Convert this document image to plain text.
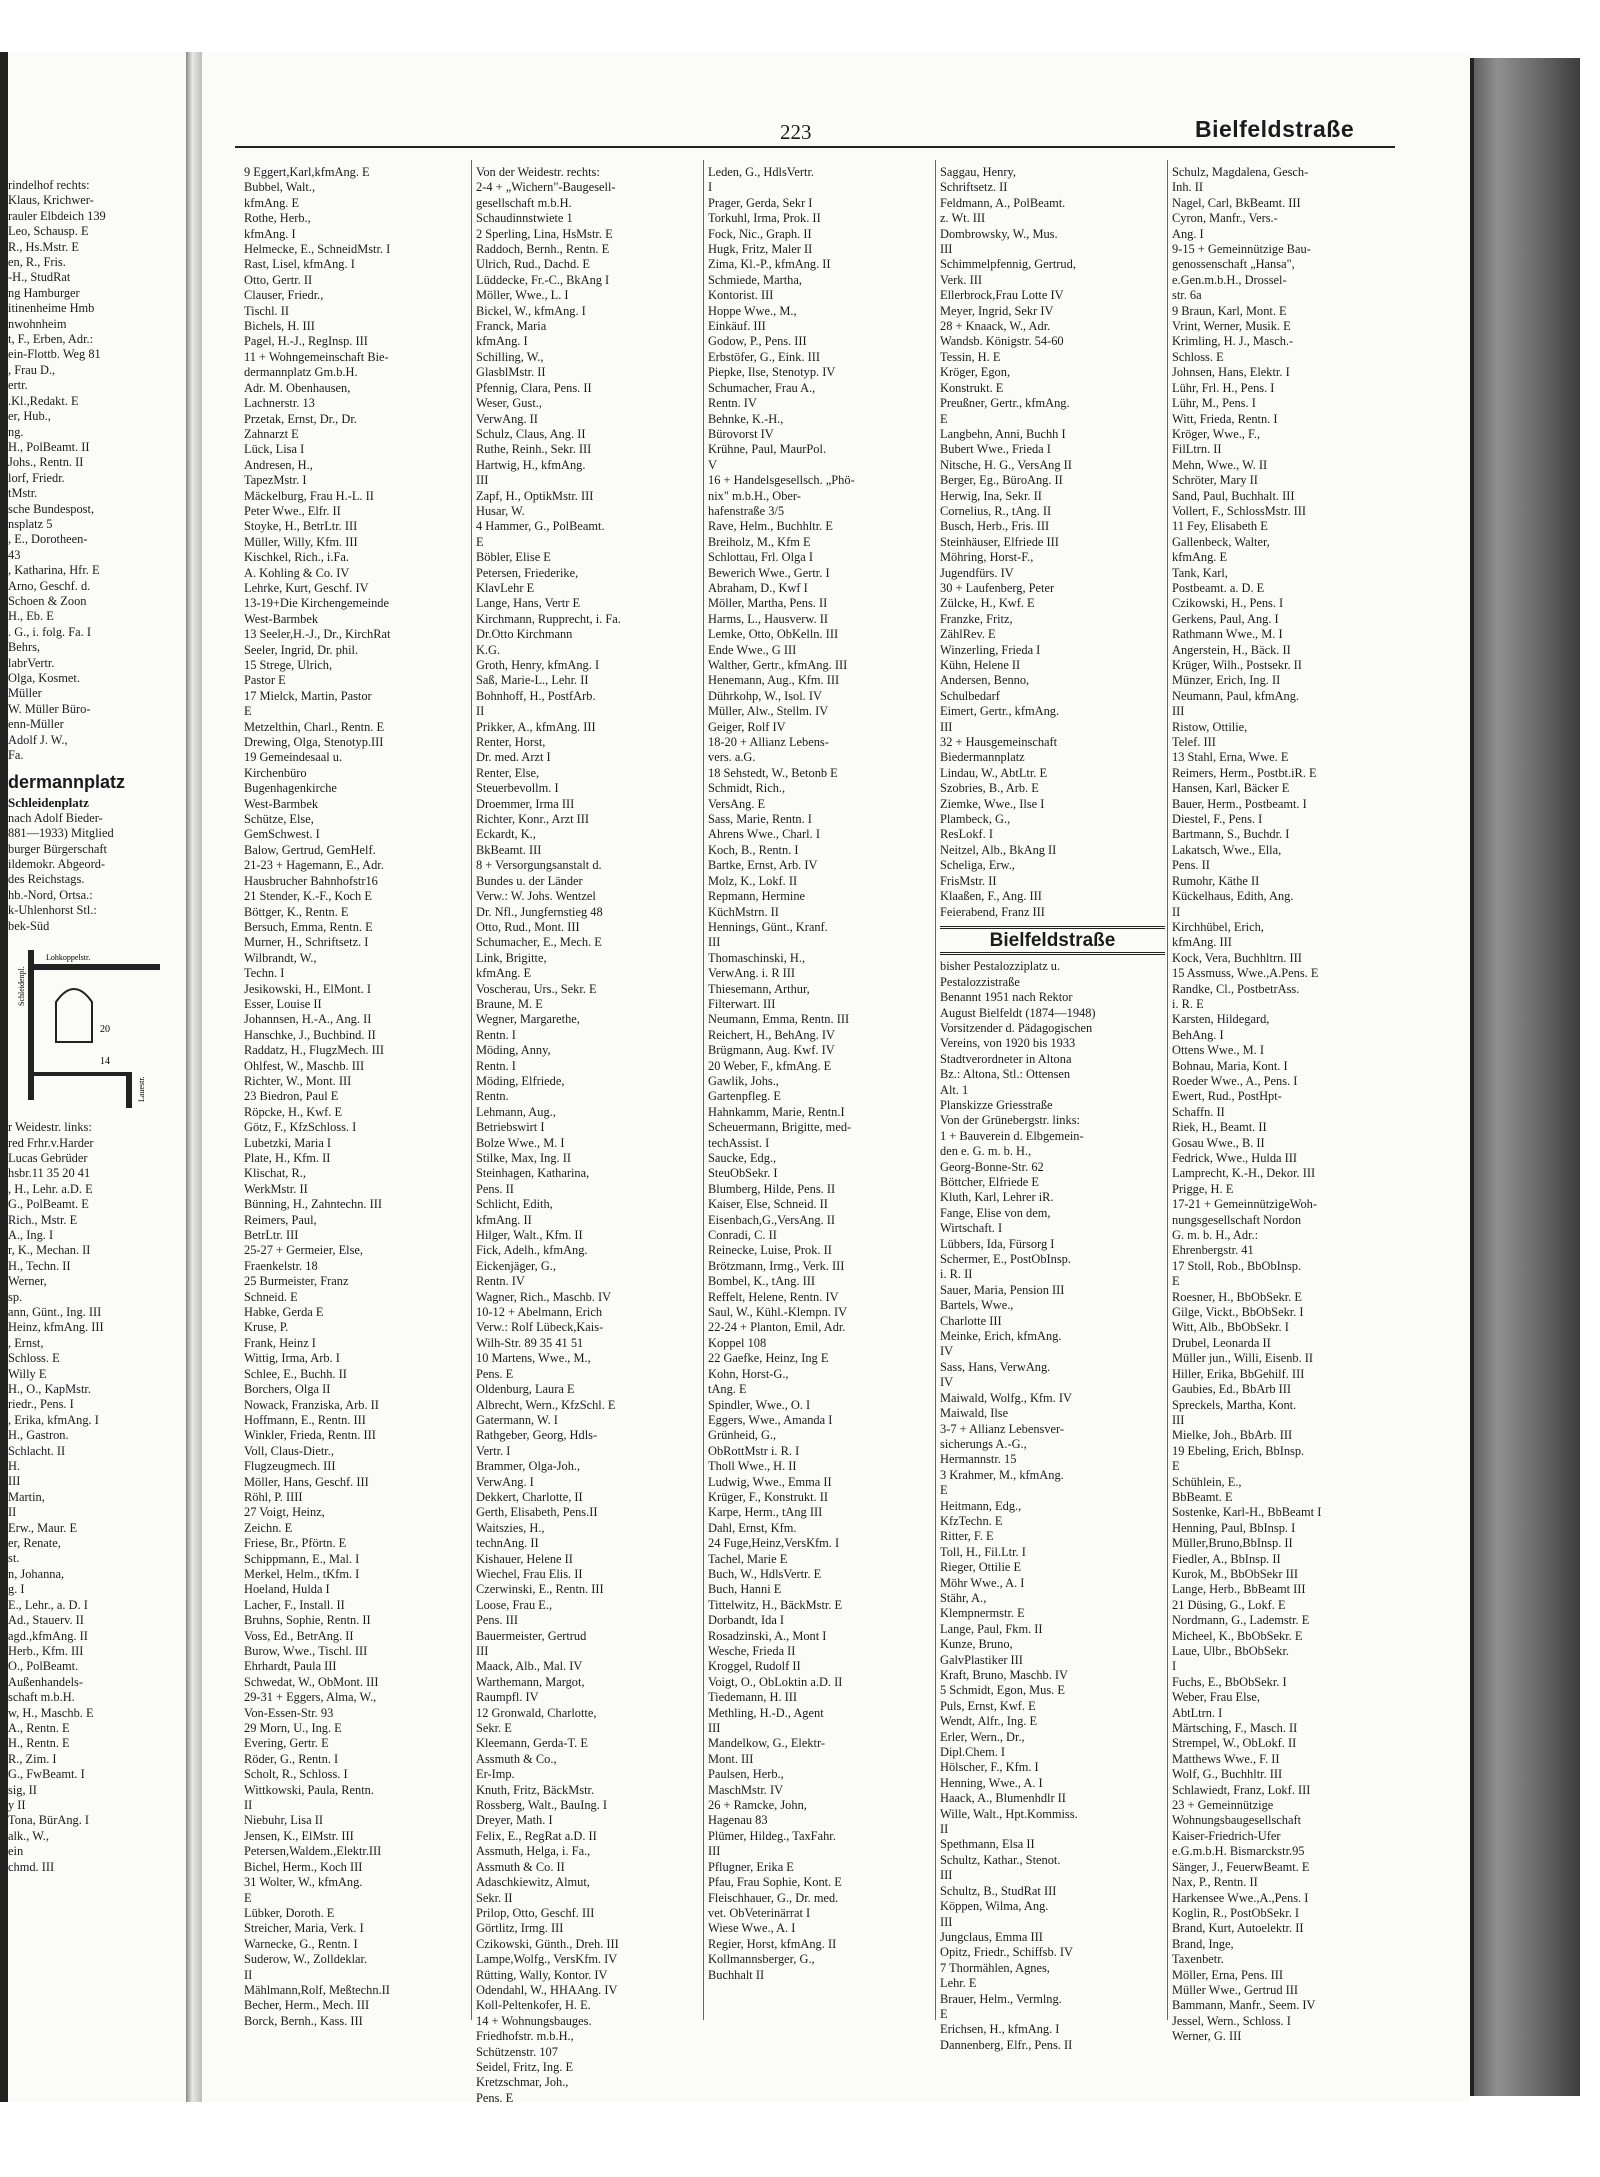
223	Bielfeldstraße
rindelhof rechts:
Klaus, Krichwer-
rauler Elbdeich 139
Leo, Schausp. E
R., Hs.Mstr. E
en, R., Fris.
-H., StudRat
ng Hamburger
itinenheime Hmb
nwohnheim
t, F., Erben, Adr.:
ein-Flottb. Weg 81
, Frau D.,
ertr.
.Kl.,Redakt. E
er, Hub.,
ng.
H., PolBeamt. II
Johs., Rentn. II
lorf, Friedr.
tMstr.
sche Bundespost,
nsplatz 5
, E., Dorotheen-
43
, Katharina, Hfr. E
Arno, Geschf. d.
Schoen & Zoon
H., Eb. E
. G., i. folg. Fa. I
Behrs,
labrVertr.
Olga, Kosmet.
Müller
W. Müller Büro-
enn-Müller
Adolf J. W.,
Fa.
dermannplatz
Schleidenplatz
nach Adolf Bieder-
881—1933) Mitglied
burger Bürgerschaft
ildemokr. Abgeord-
des Reichstags.
hb.-Nord, Ortsa.:
k-Uhlenhorst Stl.:
bek-Süd
Schleidenpl.
Lohkoppelstr.
Lauestr.
20
14
r Weidestr. links:
red Frhr.v.Harder
Lucas Gebrüder
hsbr.11 35 20 41
, H., Lehr. a.D. E
G., PolBeamt. E
Rich., Mstr. E
A., Ing. I
r, K., Mechan. II
H., Techn. II
Werner,
sp.
ann, Günt., Ing. III
Heinz, kfmAng. III
, Ernst,
Schloss. E
Willy E
H., O., KapMstr.
riedr., Pens. I
, Erika, kfmAng. I
H., Gastron.
Schlacht. II
H.
III
Martin,
II
Erw., Maur. E
er, Renate,
st.
n, Johanna,
g. I
E., Lehr., a. D. I
Ad., Stauerv. II
agd.,kfmAng. II
Herb., Kfm. III
O., PolBeamt.
Außenhandels-
schaft m.b.H.
w, H., Maschb. E
A., Rentn. E
H., Rentn. E
R., Zim. I
G., FwBeamt. I
sig, II
y II
Tona, BürAng. I
alk., W.,
ein
chmd. III
9 Eggert,Karl,kfmAng. E
Bubbel, Walt.,
kfmAng. E
Rothe, Herb.,
kfmAng. I
Helmecke, E., SchneidMstr. I
Rast, Lisel, kfmAng. I
Otto, Gertr. II
Clauser, Friedr.,
Tischl. II
Bichels, H. III
Pagel, H.-J., RegInsp. III
11 + Wohngemeinschaft Bie-
dermannplatz Gm.b.H.
Adr. M. Obenhausen,
Lachnerstr. 13
Przetak, Ernst, Dr., Dr.
Zahnarzt E
Lück, Lisa I
Andresen, H.,
TapezMstr. I
Mäckelburg, Frau H.-L. II
Peter Wwe., Elfr. II
Stoyke, H., BetrLtr. III
Müller, Willy, Kfm. III
Kischkel, Rich., i.Fa.
A. Kohling & Co. IV
Lehrke, Kurt, Geschf. IV
13-19+Die Kirchengemeinde
West-Barmbek
13 Seeler,H.-J., Dr., KirchRat
Seeler, Ingrid, Dr. phil.
15 Strege, Ulrich,
Pastor E
17 Mielck, Martin, Pastor
E
Metzelthin, Charl., Rentn. E
Drewing, Olga, Stenotyp.III
19 Gemeindesaal u.
Kirchenbüro
Bugenhagenkirche
West-Barmbek
Schütze, Else,
GemSchwest. I
Balow, Gertrud, GemHelf.
21-23 + Hagemann, E., Adr.
Hausbrucher Bahnhofstr16
21 Stender, K.-F., Koch E
Böttger, K., Rentn. E
Bersuch, Emma, Rentn. E
Murner, H., Schriftsetz. I
Wilbrandt, W.,
Techn. I
Jesikowski, H., ElMont. I
Esser, Louise II
Johannsen, H.-A., Ang. II
Hanschke, J., Buchbind. II
Raddatz, H., FlugzMech. III
Ohlfest, W., Maschb. III
Richter, W., Mont. III
23 Biedron, Paul E
Röpcke, H., Kwf. E
Götz, F., KfzSchloss. I
Lubetzki, Maria I
Plate, H., Kfm. II
Klischat, R.,
WerkMstr. II
Bünning, H., Zahntechn. III
Reimers, Paul,
BetrLtr. III
25-27 + Germeier, Else,
Fraenkelstr. 18
25 Burmeister, Franz
Schneid. E
Habke, Gerda E
Kruse, P.
Frank, Heinz I
Wittig, Irma, Arb. I
Schlee, E., Buchh. II
Borchers, Olga II
Nowack, Franziska, Arb. II
Hoffmann, E., Rentn. III
Winkler, Frieda, Rentn. III
Voll, Claus-Dietr.,
Flugzeugmech. III
Möller, Hans, Geschf. III
Röhl, P. IIII
27 Voigt, Heinz,
Zeichn. E
Friese, Br., Pförtn. E
Schippmann, E., Mal. I
Merkel, Helm., tKfm. I
Hoeland, Hulda I
Lacher, F., Install. II
Bruhns, Sophie, Rentn. II
Voss, Ed., BetrAng. II
Burow, Wwe., Tischl. III
Ehrhardt, Paula III
Schwedat, W., ObMont. III
29-31 + Eggers, Alma, W.,
Von-Essen-Str. 93
29 Morn, U., Ing. E
Evering, Gertr. E
Röder, G., Rentn. I
Scholt, R., Schloss. I
Wittkowski, Paula, Rentn.
II
Niebuhr, Lisa II
Jensen, K., ElMstr. III
Petersen,Waldem.,Elektr.III
Bichel, Herm., Koch III
31 Wolter, W., kfmAng.
E
Lübker, Doroth. E
Streicher, Maria, Verk. I
Warnecke, G., Rentn. I
Suderow, W., Zolldeklar.
II
Mählmann,Rolf, Meßtechn.II
Becher, Herm., Mech. III
Borck, Bernh., Kass. III
Von der Weidestr. rechts:
2-4 + „Wichern"-Baugesell-
gesellschaft m.b.H.
Schaudinnstwiete 1
2 Sperling, Lina, HsMstr. E
Raddoch, Bernh., Rentn. E
Ulrich, Rud., Dachd. E
Lüddecke, Fr.-C., BkAng I
Möller, Wwe., L. I
Bickel, W., kfmAng. I
Franck, Maria
kfmAng. I
Schilling, W.,
GlasblMstr. II
Pfennig, Clara, Pens. II
Weser, Gust.,
VerwAng. II
Schulz, Claus, Ang. II
Ruthe, Reinh., Sekr. III
Hartwig, H., kfmAng.
III
Zapf, H., OptikMstr. III
Husar, W.
4 Hammer, G., PolBeamt.
E
Böbler, Elise E
Petersen, Friederike,
KlavLehr E
Lange, Hans, Vertr E
Kirchmann, Rupprecht, i. Fa.
Dr.Otto Kirchmann
K.G.
Groth, Henry, kfmAng. I
Saß, Marie-L., Lehr. II
Bohnhoff, H., PostfArb.
II
Prikker, A., kfmAng. III
Renter, Horst,
Dr. med. Arzt I
Renter, Else,
Steuerbevollm. I
Droemmer, Irma III
Richter, Konr., Arzt III
Eckardt, K.,
BkBeamt. III
8 + Versorgungsanstalt d.
Bundes u. der Länder
Verw.: W. Johs. Wentzel
Dr. Nfl., Jungfernstieg 48
Otto, Rud., Mont. III
Schumacher, E., Mech. E
Link, Brigitte,
kfmAng. E
Voscherau, Urs., Sekr. E
Braune, M. E
Wegner, Margarethe,
Rentn. I
Möding, Anny,
Rentn. I
Möding, Elfriede,
Rentn.
Lehmann, Aug.,
Betriebswirt I
Bolze Wwe., M. I
Stilke, Max, Ing. II
Steinhagen, Katharina,
Pens. II
Schlicht, Edith,
kfmAng. II
Hilger, Walt., Kfm. II
Fick, Adelh., kfmAng.
Eickenjäger, G.,
Rentn. IV
Wagner, Rich., Maschb. IV
10-12 + Abelmann, Erich
Verw.: Rolf Lübeck,Kais-
Wilh-Str. 89 35 41 51
10 Martens, Wwe., M.,
Pens. E
Oldenburg, Laura E
Albrecht, Wern., KfzSchl. E
Gatermann, W. I
Rathgeber, Georg, Hdls-
Vertr. I
Brammer, Olga-Joh.,
VerwAng. I
Dekkert, Charlotte, II
Gerth, Elisabeth, Pens.II
Waitszies, H.,
technAng. II
Kishauer, Helene II
Wiechel, Frau Elis. II
Czerwinski, E., Rentn. III
Loose, Frau E.,
Pens. III
Bauermeister, Gertrud
III
Maack, Alb., Mal. IV
Warthemann, Margot,
Raumpfl. IV
12 Gronwald, Charlotte,
Sekr. E
Kleemann, Gerda-T. E
Assmuth & Co.,
Er-Imp.
Knuth, Fritz, BäckMstr.
Rossberg, Walt., BauIng. I
Dreyer, Math. I
Felix, E., RegRat a.D. II
Assmuth, Helga, i. Fa.,
Assmuth & Co. II
Adaschkiewitz, Almut,
Sekr. II
Prilop, Otto, Geschf. III
Görtlitz, Irmg. III
Czikowski, Günth., Dreh. III
Lampe,Wolfg., VersKfm. IV
Rütting, Wally, Kontor. IV
Odendahl, W., HHAAng. IV
Koll-Peltenkofer, H. E.
14 + Wohnungsbauges.
Friedhofstr. m.b.H.,
Schützenstr. 107
Seidel, Fritz, Ing. E
Kretzschmar, Joh.,
Pens. E
Leden, G., HdlsVertr.
I
Prager, Gerda, Sekr I
Torkuhl, Irma, Prok. II
Fock, Nic., Graph. II
Hugk, Fritz, Maler II
Zima, Kl.-P., kfmAng. II
Schmiede, Martha,
Kontorist. III
Hoppe Wwe., M.,
Einkäuf. III
Godow, P., Pens. III
Erbstöfer, G., Eink. III
Piepke, Ilse, Stenotyp. IV
Schumacher, Frau A.,
Rentn. IV
Behnke, K.-H.,
Bürovorst IV
Krühne, Paul, MaurPol.
V
16 + Handelsgesellsch. „Phö-
nix" m.b.H., Ober-
hafenstraße 3/5
Rave, Helm., Buchhltr. E
Breiholz, M., Kfm E
Schlottau, Frl. Olga I
Bewerich Wwe., Gertr. I
Abraham, D., Kwf I
Möller, Martha, Pens. II
Harms, L., Hausverw. II
Lemke, Otto, ObKelln. III
Ende Wwe., G III
Walther, Gertr., kfmAng. III
Henemann, Aug., Kfm. III
Dührkohp, W., Isol. IV
Müller, Alw., Stellm. IV
Geiger, Rolf IV
18-20 + Allianz Lebens-
vers. a.G.
18 Sehstedt, W., Betonb E
Schmidt, Rich.,
VersAng. E
Sass, Marie, Rentn. I
Ahrens Wwe., Charl. I
Koch, B., Rentn. I
Bartke, Ernst, Arb. IV
Molz, K., Lokf. II
Repmann, Hermine
KüchMstrn. II
Hennings, Günt., Kranf.
III
Thomaschinski, H.,
VerwAng. i. R III
Thiesemann, Arthur,
Filterwart. III
Neumann, Emma, Rentn. III
Reichert, H., BehAng. IV
Brügmann, Aug. Kwf. IV
20 Weber, F., kfmAng. E
Gawlik, Johs.,
Gartenpfleg. E
Hahnkamm, Marie, Rentn.I
Scheuermann, Brigitte, med-
techAssist. I
Saucke, Edg.,
SteuObSekr. I
Blumberg, Hilde, Pens. II
Kaiser, Else, Schneid. II
Eisenbach,G.,VersAng. II
Conradi, C. II
Reinecke, Luise, Prok. II
Brötzmann, Irmg., Verk. III
Bombel, K., tAng. III
Reffelt, Helene, Rentn. IV
Saul, W., Kühl.-Klempn. IV
22-24 + Planton, Emil, Adr.
Koppel 108
22 Gaefke, Heinz, Ing E
Kohn, Horst-G.,
tAng. E
Spindler, Wwe., O. I
Eggers, Wwe., Amanda I
Grünheid, G.,
ObRottMstr i. R. I
Tholl Wwe., H. II
Ludwig, Wwe., Emma II
Krüger, F., Konstrukt. II
Karpe, Herm., tAng III
Dahl, Ernst, Kfm.
24 Fuge,Heinz,VersKfm. I
Tachel, Marie E
Buch, W., HdlsVertr. E
Buch, Hanni E
Tittelwitz, H., BäckMstr. E
Dorbandt, Ida I
Rosadzinski, A., Mont I
Wesche, Frieda II
Kroggel, Rudolf II
Voigt, O., ObLoktin a.D. II
Tiedemann, H. III
Methling, H.-D., Agent
III
Mandelkow, G., Elektr-
Mont. III
Paulsen, Herb.,
MaschMstr. IV
26 + Ramcke, John,
Hagenau 83
Plümer, Hildeg., TaxFahr.
III
Pflugner, Erika E
Pfau, Frau Sophie, Kont. E
Fleischhauer, G., Dr. med.
vet. ObVeterinärrat I
Wiese Wwe., A. I
Regier, Horst, kfmAng. II
Kollmannsberger, G.,
Buchhalt II
Saggau, Henry,
Schriftsetz. II
Feldmann, A., PolBeamt.
z. Wt. III
Dombrowsky, W., Mus.
III
Schimmelpfennig, Gertrud,
Verk. III
Ellerbrock,Frau Lotte IV
Meyer, Ingrid, Sekr IV
28 + Knaack, W., Adr.
Wandsb. Königstr. 54-60
Tessin, H. E
Kröger, Egon,
Konstrukt. E
Preußner, Gertr., kfmAng.
E
Langbehn, Anni, Buchh I
Bubert Wwe., Frieda I
Nitsche, H. G., VersAng II
Berger, Eg., BüroAng. II
Herwig, Ina, Sekr. II
Cornelius, R., tAng. II
Busch, Herb., Fris. III
Steinhäuser, Elfriede III
Möhring, Horst-F.,
Jugendfürs. IV
30 + Laufenberg, Peter
Zülcke, H., Kwf. E
Franzke, Fritz,
ZählRev. E
Winzerling, Frieda I
Kühn, Helene II
Andersen, Benno,
Schulbedarf
Eimert, Gertr., kfmAng.
III
32 + Hausgemeinschaft
Biedermannplatz
Lindau, W., AbtLtr. E
Szobries, B., Arb. E
Ziemke, Wwe., Ilse I
Plambeck, G.,
ResLokf. I
Neitzel, Alb., BkAng II
Scheliga, Erw.,
FrisMstr. II
Klaaßen, F., Ang. III
Feierabend, Franz III
Bielfeldstraße
bisher Pestalozziplatz u.
Pestalozzistraße
Benannt 1951 nach Rektor
August Bielfeldt (1874—1948)
Vorsitzender d. Pädagogischen
Vereins, von 1920 bis 1933
Stadtverordneter in Altona
Bz.: Altona, Stl.: Ottensen
Alt. 1
Planskizze Griesstraße
Von der Grünebergstr. links:
1 + Bauverein d. Elbgemein-
den e. G. m. b. H.,
Georg-Bonne-Str. 62
Böttcher, Elfriede E
Kluth, Karl, Lehrer iR.
Fange, Elise von dem,
Wirtschaft. I
Lübbers, Ida, Fürsorg I
Schermer, E., PostObInsp.
i. R. II
Sauer, Maria, Pension III
Bartels, Wwe.,
Charlotte III
Meinke, Erich, kfmAng.
IV
Sass, Hans, VerwAng.
IV
Maiwald, Wolfg., Kfm. IV
Maiwald, Ilse
3-7 + Allianz Lebensver-
sicherungs A.-G.,
Hermannstr. 15
3 Krahmer, M., kfmAng.
E
Heitmann, Edg.,
KfzTechn. E
Ritter, F. E
Toll, H., Fil.Ltr. I
Rieger, Ottilie E
Möhr Wwe., A. I
Stähr, A.,
Klempnermstr. E
Lange, Paul, Fkm. II
Kunze, Bruno,
GalvPlastiker III
Kraft, Bruno, Maschb. IV
5 Schmidt, Egon, Mus. E
Puls, Ernst, Kwf. E
Wendt, Alfr., Ing. E
Erler, Wern., Dr.,
Dipl.Chem. I
Hölscher, F., Kfm. I
Henning, Wwe., A. I
Haack, A., Blumenhdlr II
Wille, Walt., Hpt.Kommiss.
II
Spethmann, Elsa II
Schultz, Kathar., Stenot.
III
Schultz, B., StudRat III
Köppen, Wilma, Ang.
III
Jungclaus, Emma III
Opitz, Friedr., Schiffsb. IV
7 Thormählen, Agnes,
Lehr. E
Brauer, Helm., Vermlng.
E
Erichsen, H., kfmAng. I
Dannenberg, Elfr., Pens. II
Schulz, Magdalena, Gesch-
Inh. II
Nagel, Carl, BkBeamt. III
Cyron, Manfr., Vers.-
Ang. I
9-15 + Gemeinnützige Bau-
genossenschaft „Hansa",
e.Gen.m.b.H., Drossel-
str. 6a
9 Braun, Karl, Mont. E
Vrint, Werner, Musik. E
Krimling, H. J., Masch.-
Schloss. E
Johnsen, Hans, Elektr. I
Lühr, Frl. H., Pens. I
Lühr, M., Pens. I
Witt, Frieda, Rentn. I
Kröger, Wwe., F.,
FilLtrn. II
Mehn, Wwe., W. II
Schröter, Mary II
Sand, Paul, Buchhalt. III
Vollert, F., SchlossMstr. III
11 Fey, Elisabeth E
Gallenbeck, Walter,
kfmAng. E
Tank, Karl,
Postbeamt. a. D. E
Czikowski, H., Pens. I
Gerkens, Paul, Ang. I
Rathmann Wwe., M. I
Angerstein, H., Bäck. II
Krüger, Wilh., Postsekr. II
Münzer, Erich, Ing. II
Neumann, Paul, kfmAng.
III
Ristow, Ottilie,
Telef. III
13 Stahl, Erna, Wwe. E
Reimers, Herm., Postbt.iR. E
Hansen, Karl, Bäcker E
Bauer, Herm., Postbeamt. I
Diestel, F., Pens. I
Bartmann, S., Buchdr. I
Lakatsch, Wwe., Ella,
Pens. II
Rumohr, Käthe II
Kückelhaus, Edith, Ang.
II
Kirchhübel, Erich,
kfmAng. III
Kock, Vera, Buchhltrn. III
15 Assmuss, Wwe.,A.Pens. E
Randke, Cl., PostbetrAss.
i. R. E
Karsten, Hildegard,
BehAng. I
Ottens Wwe., M. I
Bohnau, Maria, Kont. I
Roeder Wwe., A., Pens. I
Ewert, Rud., PostHpt-
Schaffn. II
Riek, H., Beamt. II
Gosau Wwe., B. II
Fedrick, Wwe., Hulda III
Lamprecht, K.-H., Dekor. III
Prigge, H. E
17-21 + GemeinnützigeWoh-
nungsgesellschaft Nordon
G. m. b. H., Adr.:
Ehrenbergstr. 41
17 Stoll, Rob., BbObInsp.
E
Roesner, H., BbObSekr. E
Gilge, Vickt., BbObSekr. I
Witt, Alb., BbObSekr. I
Drubel, Leonarda II
Müller jun., Willi, Eisenb. II
Hiller, Erika, BbGehilf. III
Gaubies, Ed., BbArb III
Spreckels, Martha, Kont.
III
Mielke, Joh., BbArb. III
19 Ebeling, Erich, BbInsp.
E
Schühlein, E.,
BbBeamt. E
Sostenke, Karl-H., BbBeamt I
Henning, Paul, BbInsp. I
Müller,Bruno,BbInsp. II
Fiedler, A., BbInsp. II
Kurok, M., BbObSekr III
Lange, Herb., BbBeamt III
21 Düsing, G., Lokf. E
Nordmann, G., Lademstr. E
Micheel, K., BbObSekr. E
Laue, Ulbr., BbObSekr.
I
Fuchs, E., BbObSekr. I
Weber, Frau Else,
AbtLtrn. I
Märtsching, F., Masch. II
Strempel, W., ObLokf. II
Matthews Wwe., F. II
Wolf, G., Buchhltr. III
Schlawiedt, Franz, Lokf. III
23 + Gemeinnützige
Wohnungsbaugesellschaft
Kaiser-Friedrich-Ufer
e.G.m.b.H. Bismarckstr.95
Sänger, J., FeuerwBeamt. E
Nax, P., Rentn. II
Harkensee Wwe.,A.,Pens. I
Koglin, R., PostObSekr. I
Brand, Kurt, Autoelektr. II
Brand, Inge,
Taxenbetr.
Möller, Erna, Pens. III
Müller Wwe., Gertrud III
Bammann, Manfr., Seem. IV
Jessel, Wern., Schloss. I
Werner, G. III
